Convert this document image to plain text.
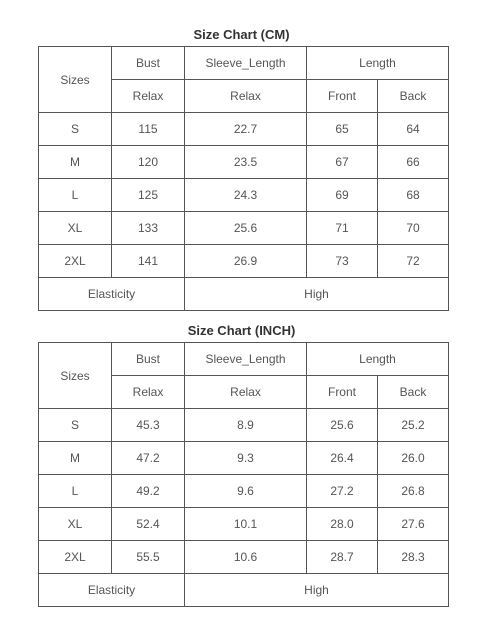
Size Chart (CM)
Sizes	Bust	Sleeve_Length	Length	
	Relax	Relax	Front	Back
S	115	22.7	65	64
M	120	23.5	67	66
L	125	24.3	69	68
XL	133	25.6	71	70
2XL	141	26.9	73	72
Elasticity		High		
Size Chart (INCH)
Sizes	Bust	Sleeve_Length	Length	
	Relax	Relax	Front	Back
S	45.3	8.9	25.6	25.2
M	47.2	9.3	26.4	26.0
L	49.2	9.6	27.2	26.8
XL	52.4	10.1	28.0	27.6
2XL	55.5	10.6	28.7	28.3
Elasticity		High		
